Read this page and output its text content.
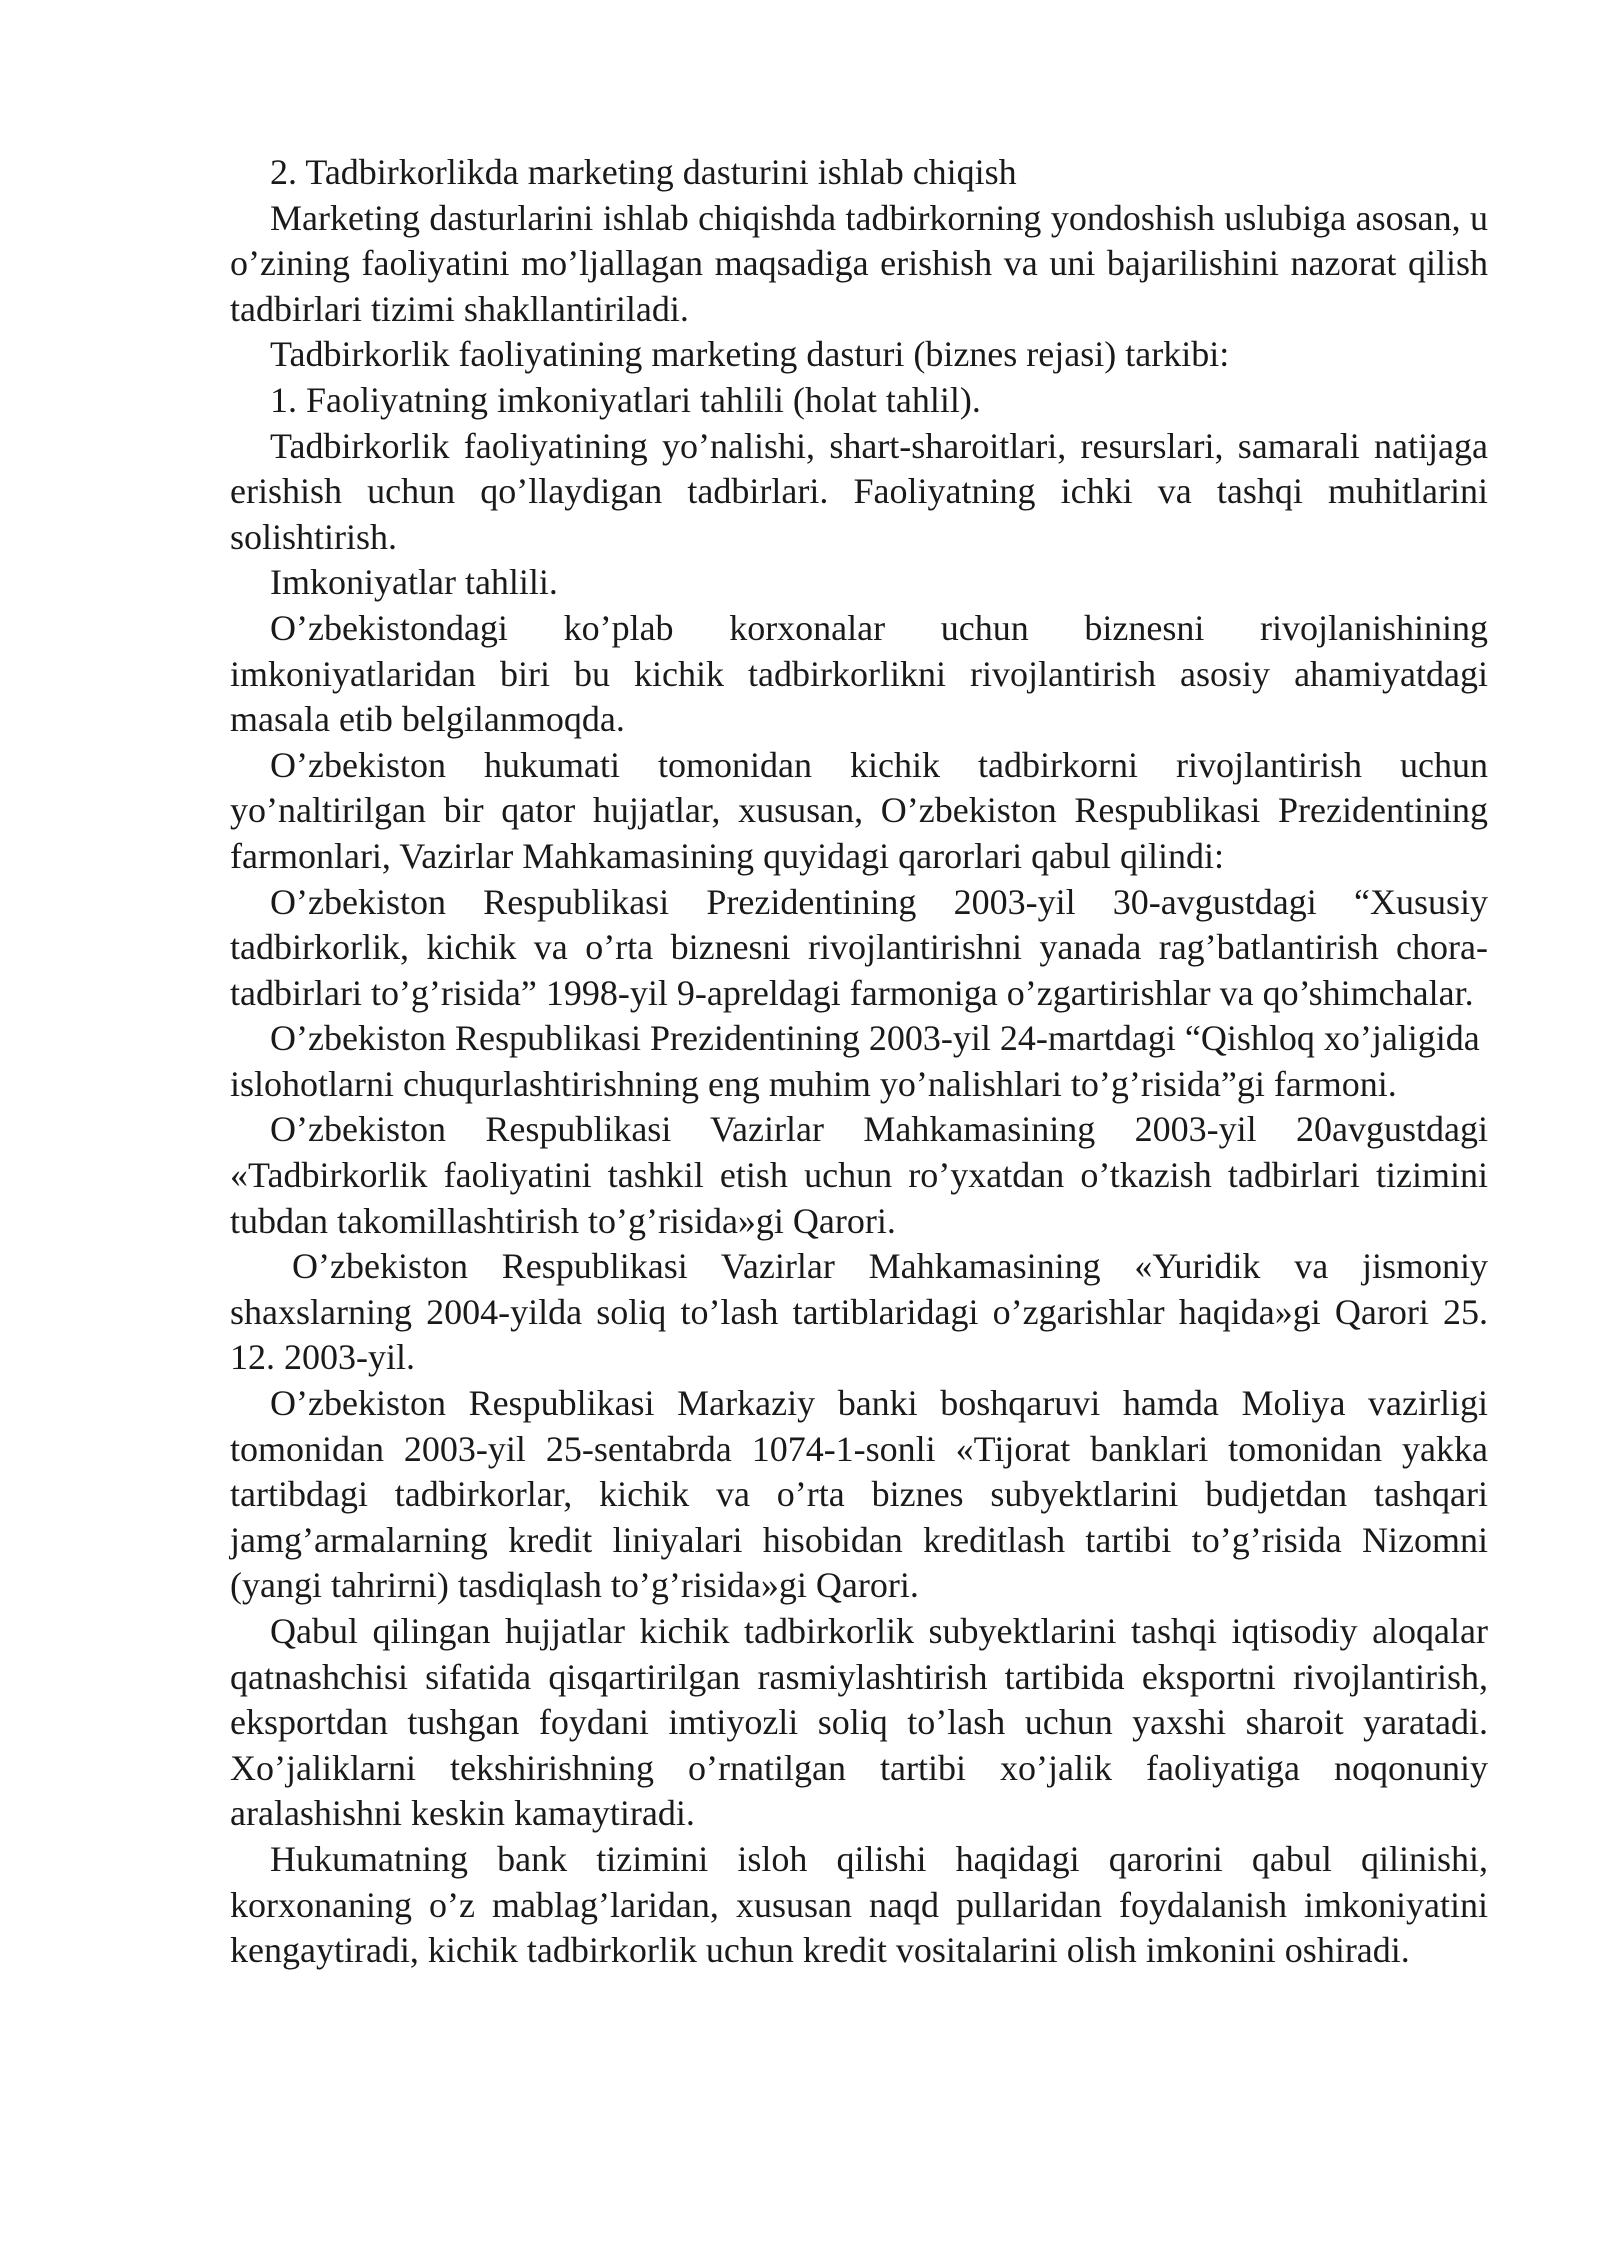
2. Tadbirkorlikda marketing dasturini ishlab chiqish

Marketing dasturlarini ishlab chiqishda tadbirkorning yondoshish uslubiga asosan, u o’zining faoliyatini mo’ljallagan maqsadiga erishish va uni bajarilishini nazorat qilish tadbirlari tizimi shakllantiriladi.

Tadbirkorlik faoliyatining marketing dasturi (biznes rejasi) tarkibi:

1. Faoliyatning imkoniyatlari tahlili (holat tahlil).

Tadbirkorlik faoliyatining yo’nalishi, shart-sharoitlari, resurslari, samarali natijaga erishish uchun qo’llaydigan tadbirlari. Faoliyatning ichki va tashqi muhitlarini solishtirish.

Imkoniyatlar tahlili.

O’zbekistondagi ko’plab korxonalar uchun biznesni rivojlanishining imkoniyatlaridan biri bu kichik tadbirkorlikni rivojlantirish asosiy ahamiyatdagi masala etib belgilanmoqda.

O’zbekiston hukumati tomonidan kichik tadbirkorni rivojlantirish uchun yo’naltirilgan bir qator hujjatlar, xususan, O’zbekiston Respublikasi Prezidentining farmonlari, Vazirlar Mahkamasining quyidagi qarorlari qabul qilindi:

O’zbekiston Respublikasi Prezidentining 2003-yil 30-avgustdagi “Xususiy tadbirkorlik, kichik va o’rta biznesni rivojlantirishni yanada rag’batlantirish chora-tadbirlari to’g’risida” 1998-yil 9-apreldagi farmoniga o’zgartirishlar va qo’shimchalar.

O’zbekiston Respublikasi Prezidentining 2003-yil 24-martdagi “Qishloq xo’jaligida islohotlarni chuqurlashtirishning eng muhim yo’nalishlari to’g’risida”gi farmoni.

O’zbekiston Respublikasi Vazirlar Mahkamasining 2003-yil 20avgustdagi «Tadbirkorlik faoliyatini tashkil etish uchun ro’yxatdan o’tkazish tadbirlari tizimini tubdan takomillashtirish to’g’risida»gi Qarori.

O’zbekiston Respublikasi Vazirlar Mahkamasining «Yuridik va jismoniy shaxslarning 2004-yilda soliq to’lash tartiblaridagi o’zgarishlar haqida»gi Qarori 25. 12. 2003-yil.

O’zbekiston Respublikasi Markaziy banki boshqaruvi hamda Moliya vazirligi tomonidan 2003-yil 25-sentabrda 1074-1-sonli «Tijorat banklari tomonidan yakka tartibdagi tadbirkorlar, kichik va o’rta biznes subyektlarini budjetdan tashqari jamg’armalarning kredit liniyalari hisobidan kreditlash tartibi to’g’risida Nizomni (yangi tahrirni) tasdiqlash to’g’risida»gi Qarori.

Qabul qilingan hujjatlar kichik tadbirkorlik subyektlarini tashqi iqtisodiy aloqalar qatnashchisi sifatida qisqartirilgan rasmiylashtirish tartibida eksportni rivojlantirish, eksportdan tushgan foydani imtiyozli soliq to’lash uchun yaxshi sharoit yaratadi. Xo’jaliklarni tekshirishning o’rnatilgan tartibi xo’jalik faoliyatiga noqonuniy aralashishni keskin kamaytiradi.

Hukumatning bank tizimini isloh qilishi haqidagi qarorini qabul qilinishi, korxonaning o’z mablag’laridan, xususan naqd pullaridan foydalanish imkoniyatini kengaytiradi, kichik tadbirkorlik uchun kredit vositalarini olish imkonini oshiradi.
